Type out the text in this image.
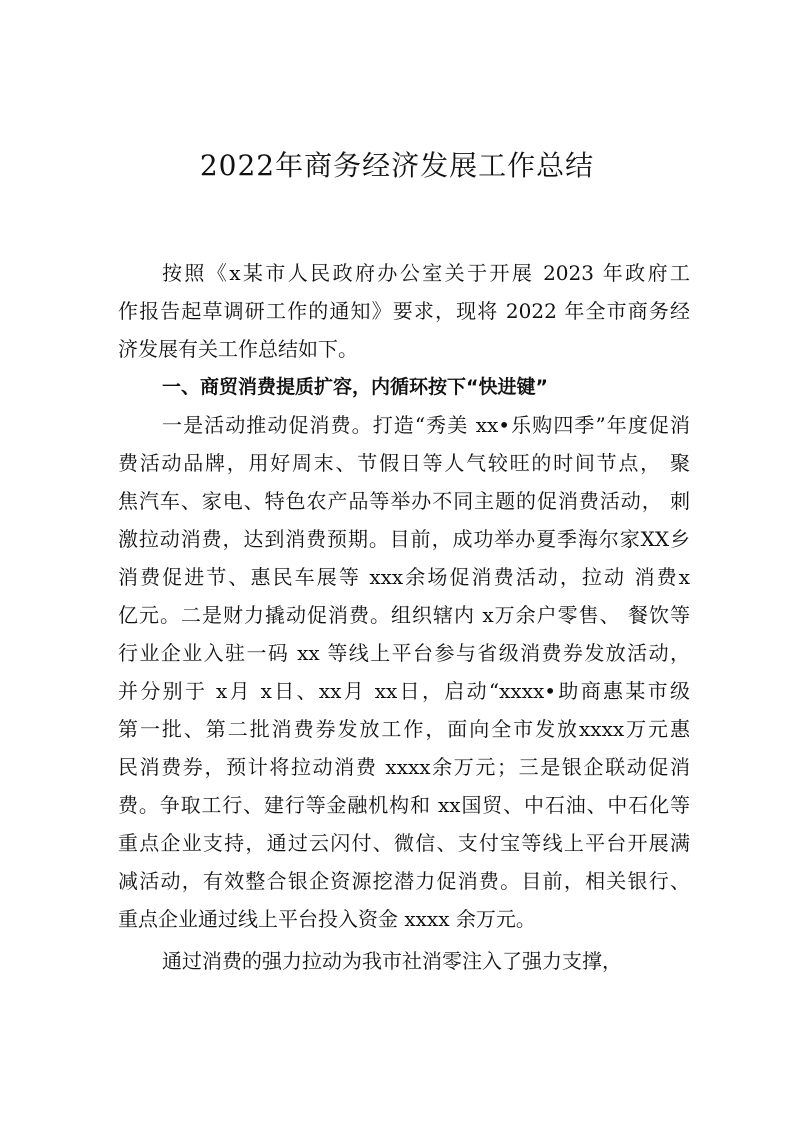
2022年商务经济发展工作总结
按照《x某市人民政府办公室关于开展 2023 年政府工
作报告起草调研工作的通知》要求，现将 2022 年全市商务经
济发展有关工作总结如下。
一、商贸消费提质扩容，内循环按下“快进键”
一是活动推动促消费。打造“秀美 xx•乐购四季”年度促消
费活动品牌，用好周末、节假日等人气较旺的时间节点， 聚
焦汽车、家电、特色农产品等举办不同主题的促消费活动， 刺
激拉动消费，达到消费预期。目前，成功举办夏季海尔家XX乡
消费促进节、惠民车展等 xxx余场促消费活动，拉动 消费x
亿元。二是财力撬动促消费。组织辖内 x万余户零售、 餐饮等
行业企业入驻一码 xx 等线上平台参与省级消费券发放活动，
并分别于 x月 x日、xx月 xx日，启动“xxxx•助商惠某市级
第一批、第二批消费券发放工作，面向全市发放xxxx万元惠
民消费券，预计将拉动消费 xxxx余万元；三是银企联动促消
费。争取工行、建行等金融机构和 xx国贸、中石油、中石化等
重点企业支持，通过云闪付、微信、支付宝等线上平台开展满
减活动，有效整合银企资源挖潜力促消费。目前，相关银行、
重点企业通过线上平台投入资金 xxxx 余万元。
通过消费的强力拉动为我市社消零注入了强力支撑，
